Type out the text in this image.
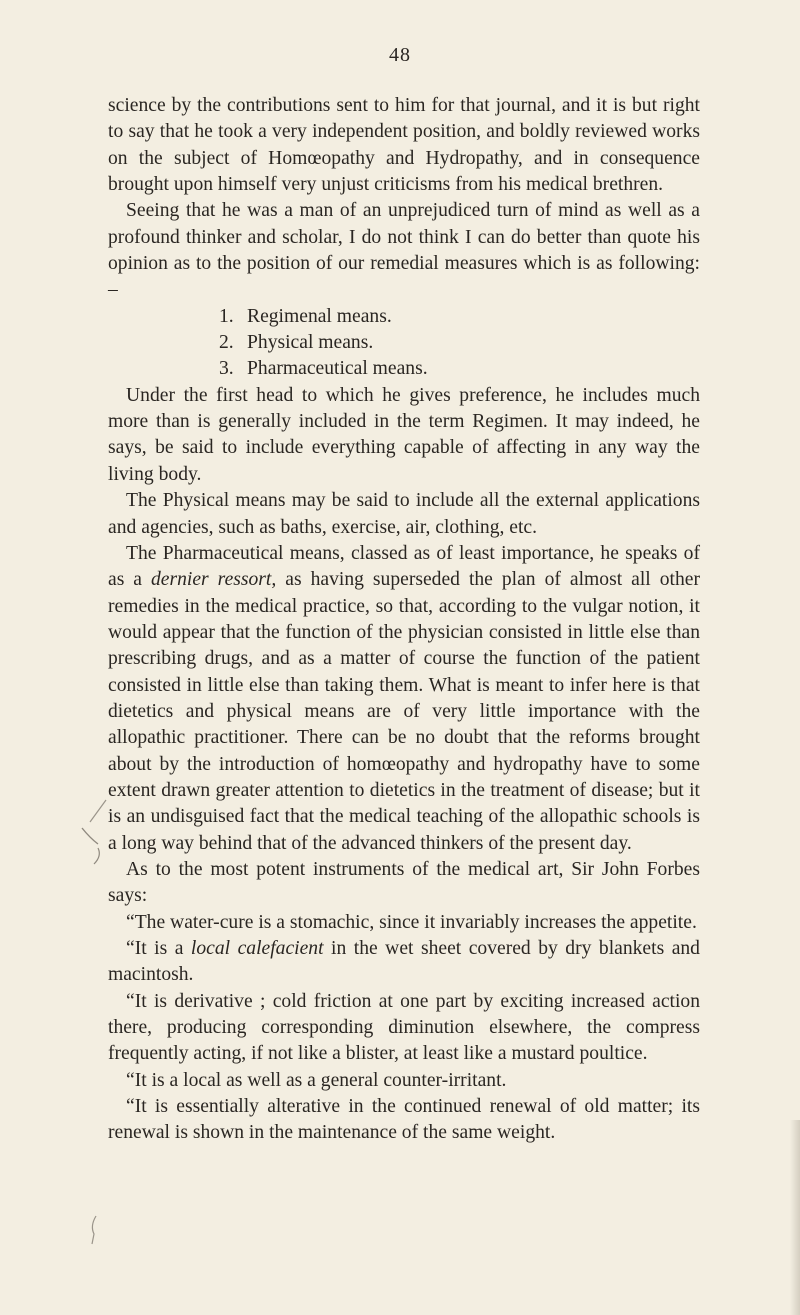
48

science by the contributions sent to him for that journal, and it is but right to say that he took a very independent position, and boldly reviewed works on the subject of Homœopathy and Hydropathy, and in consequence brought upon himself very unjust criticisms from his medical brethren.

Seeing that he was a man of an unprejudiced turn of mind as well as a profound thinker and scholar, I do not think I can do better than quote his opinion as to the position of our remedial measures which is as following: –

1. Regimenal means.
2. Physical means.
3. Pharmaceutical means.

Under the first head to which he gives preference, he includes much more than is generally included in the term Regimen. It may indeed, he says, be said to include everything capable of affecting in any way the living body.

The Physical means may be said to include all the external applications and agencies, such as baths, exercise, air, clothing, etc.

The Pharmaceutical means, classed as of least importance, he speaks of as a dernier ressort, as having superseded the plan of almost all other remedies in the medical practice, so that, according to the vulgar notion, it would appear that the function of the physician consisted in little else than prescribing drugs, and as a matter of course the function of the patient consisted in little else than taking them. What is meant to infer here is that dietetics and physical means are of very little importance with the allopathic practitioner. There can be no doubt that the reforms brought about by the introduction of homœopathy and hydropathy have to some extent drawn greater attention to dietetics in the treatment of disease; but it is an undisguised fact that the medical teaching of the allopathic schools is a long way behind that of the advanced thinkers of the present day.

As to the most potent instruments of the medical art, Sir John Forbes says:

“The water-cure is a stomachic, since it invariably increases the appetite.

“It is a local calefacient in the wet sheet covered by dry blankets and macintosh.

“It is derivative ; cold friction at one part by exciting increased action there, producing corresponding diminution elsewhere, the compress frequently acting, if not like a blister, at least like a mustard poultice.

“It is a local as well as a general counter-irritant.

“It is essentially alterative in the continued renewal of old matter; its renewal is shown in the maintenance of the same weight.
